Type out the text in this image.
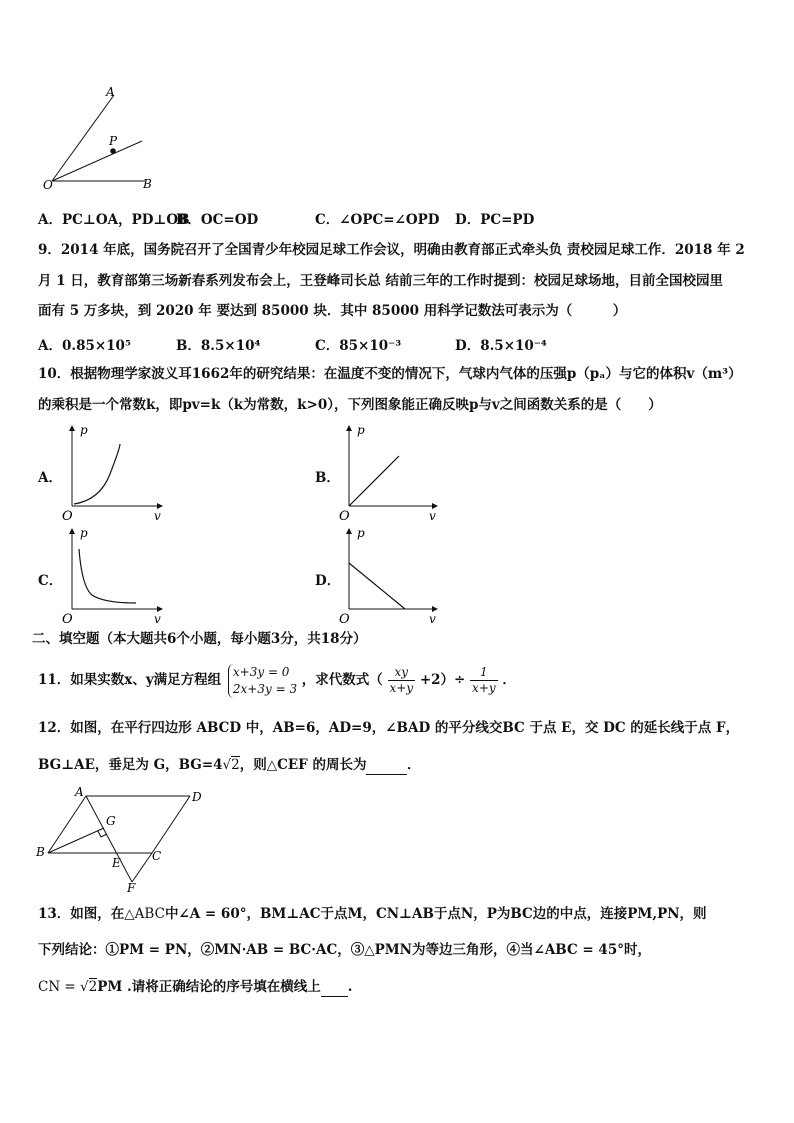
A
P
O	B
A．PC⊥OA，PD⊥OB
B．OC=OD	C．∠OPC=∠OPD D．PC=PD
9．2014 年底，国务院召开了全国青少年校园足球工作会议，明确由教育部正式牵头负 责校园足球工作．2018 年 2
月 1 日，教育部第三场新春系列发布会上，王登峰司长总 结前三年的工作时提到：校园足球场地，目前全国校园里
面有 5 万多块，到 2020 年 要达到 85000 块．其中 85000 用科学记数法可表示为（　　　）
A．0.85×10⁵	B．8.5×10⁴	C．85×10⁻³	D．8.5×10⁻⁴
10．根据物理学家波义耳1662年的研究结果：在温度不变的情况下，气球内气体的压强p（pₐ）与它的体积v（m³）
的乘积是一个常数k，即pv=k（k为常数，k>0），下列图象能正确反映p与v之间函数关系的是（　　）
A．	B．
C．	D．
p
v
O
p
v
O
p
v
O
p
v
O
二、填空题（本大题共6个小题，每小题3分，共18分）
11．如果实数x、y满足方程组
x+3y = 0
2x+3y = 3
，求代数式（ $\frac{xy}{x+y} +2)\div \frac{1}{x+y}$ ．
12．如图，在平行四边形 ABCD 中，AB=6，AD=9，∠BAD 的平分线交BC 于点 E，交 DC 的延长线于点 F，
BG⊥AE，垂足为 G，BG=4√2，则△CEF 的周长为　　　	．
A	D
G
B
E	C
F
13．如图，在△ABC中∠A = 60°，BM⊥AC于点M，CN⊥AB于点N，P为BC边的中点，连接PM,PN，则
下列结论：①PM = PN，②MN·AB = BC·AC，③△PMN为等边三角形，④当∠ABC = 45°时，
CN = √2PM .请将正确结论的序号填在横线上　　 .
